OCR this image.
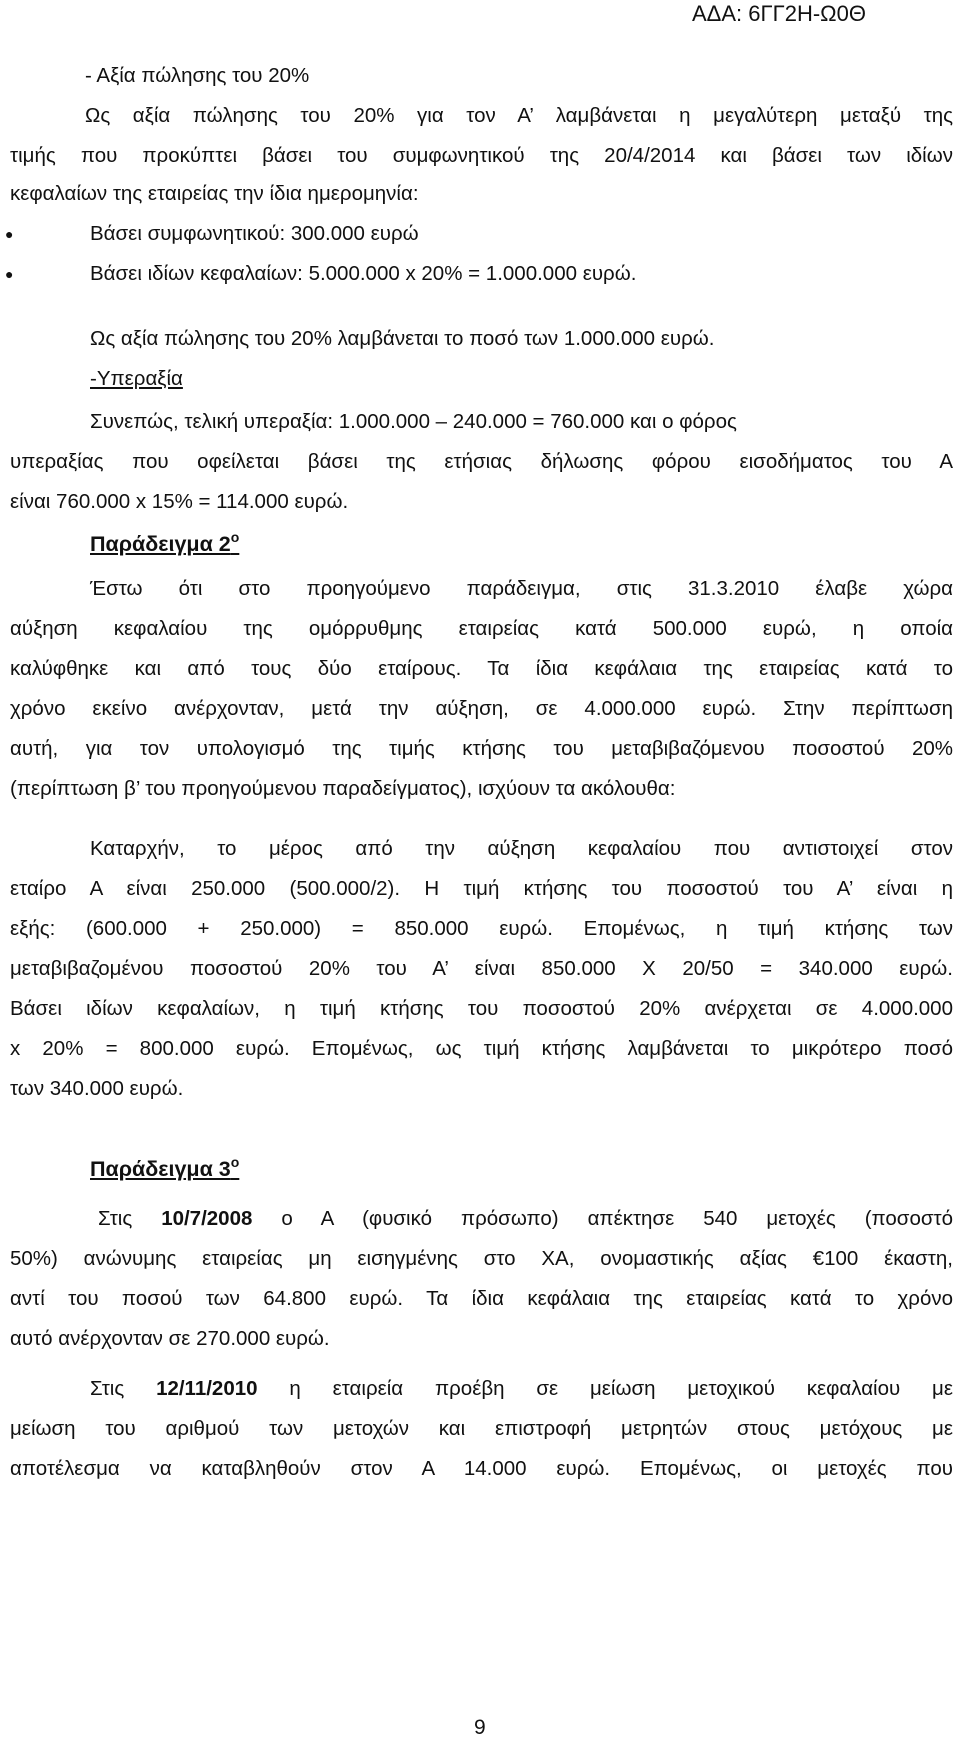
ΑΔΑ: 6ΓΓ2Η-Ω0Θ
- Αξία πώλησης του 20%
Ως αξία πώλησης του 20% για τον Α’ λαμβάνεται η μεγαλύτερη μεταξύ της
τιμής που προκύπτει βάσει του συμφωνητικού της 20/4/2014 και βάσει των ιδίων
κεφαλαίων της εταιρείας την ίδια ημερομηνία:
●	Βάσει συμφωνητικού: 300.000 ευρώ
●	Βάσει ιδίων κεφαλαίων: 5.000.000 x 20% = 1.000.000 ευρώ.
Ως αξία πώλησης του 20% λαμβάνεται το ποσό των 1.000.000 ευρώ.
-Υπεραξία
Συνεπώς, τελική υπεραξία: 1.000.000 – 240.000 = 760.000 και ο φόρος
υπεραξίας που οφείλεται βάσει της ετήσιας δήλωσης φόρου εισοδήματος του Α
είναι 760.000 x 15% = 114.000 ευρώ.
Παράδειγμα $2^o$
Έστω ότι στο προηγούμενο παράδειγμα, στις 31.3.2010 έλαβε χώρα
αύξηση κεφαλαίου της ομόρρυθμης εταιρείας κατά 500.000 ευρώ, η οποία
καλύφθηκε και από τους δύο εταίρους. Τα ίδια κεφάλαια της εταιρείας κατά το
χρόνο εκείνο ανέρχονταν, μετά την αύξηση, σε 4.000.000 ευρώ. Στην περίπτωση
αυτή, για τον υπολογισμό της τιμής κτήσης του μεταβιβαζόμενου ποσοστού 20%
(περίπτωση β’ του προηγούμενου παραδείγματος), ισχύουν τα ακόλουθα:
Καταρχήν, το μέρος από την αύξηση κεφαλαίου που αντιστοιχεί στον
εταίρο Α είναι 250.000 (500.000/2). Η τιμή κτήσης του ποσοστού του Α’ είναι η
εξής: (600.000 + 250.000) = 850.000 ευρώ. Επομένως, η τιμή κτήσης των
μεταβιβαζομένου ποσοστού 20% του Α’ είναι 850.000 Χ 20/50 = 340.000 ευρώ.
Βάσει ιδίων κεφαλαίων, η τιμή κτήσης του ποσοστού 20% ανέρχεται σε 4.000.000
x 20% = 800.000 ευρώ. Επομένως, ως τιμή κτήσης λαμβάνεται το μικρότερο ποσό
των 340.000 ευρώ.
Παράδειγμα $3^o$
Στις 10/7/2008 ο Α (φυσικό πρόσωπο) απέκτησε 540 μετοχές (ποσοστό
50%) ανώνυμης εταιρείας μη εισηγμένης στο ΧΑ, ονομαστικής αξίας €100 έκαστη,
αντί του ποσού των 64.800 ευρώ. Τα ίδια κεφάλαια της εταιρείας κατά το χρόνο
αυτό ανέρχονταν σε 270.000 ευρώ.
Στις 12/11/2010 η εταιρεία προέβη σε μείωση μετοχικού κεφαλαίου με
μείωση του αριθμού των μετοχών και επιστροφή μετρητών στους μετόχους με
αποτέλεσμα να καταβληθούν στον Α 14.000 ευρώ. Επομένως, οι μετοχές που
9
